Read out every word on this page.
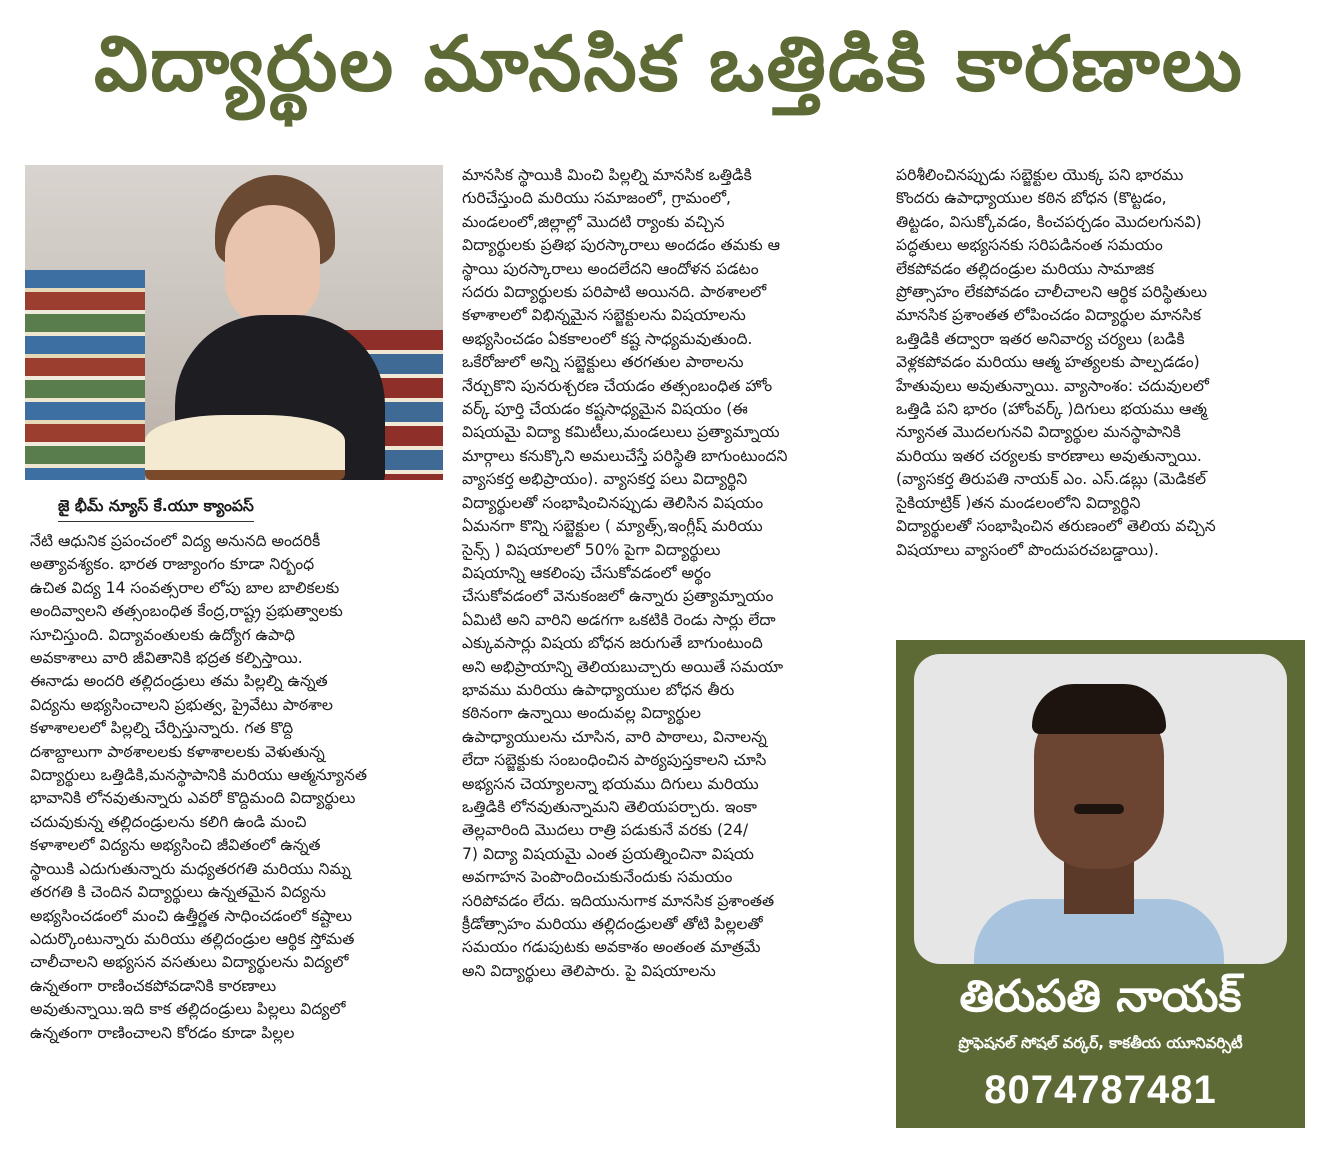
విద్యార్థుల మానసిక ఒత్తిడికి కారణాలు
జై భీమ్ న్యూస్ కే.యూ క్యాంపస్

నేటి ఆధునిక ప్రపంచంలో విద్య అనునది అందరికీ

అత్యావశ్యకం. భారత రాజ్యాంగం కూడా నిర్బంధ

ఉచిత విద్య 14 సంవత్సరాల లోపు బాల బాలికలకు

అందివ్వాలని తత్సంబంధిత కేంద్ర,రాష్ట్ర ప్రభుత్వాలకు

సూచిస్తుంది. విద్యావంతులకు ఉద్యోగ ఉపాధి

అవకాశాలు వారి జీవితానికి భద్రత కల్పిస్తాయి.

ఈనాడు అందరి తల్లిదండ్రులు తమ పిల్లల్ని ఉన్నత

విద్యను అభ్యసించాలని ప్రభుత్వ, ప్రైవేటు పాఠశాల

కళాశాలలలో పిల్లల్ని చేర్పిస్తున్నారు. గత కొద్ది

దశాబ్దాలుగా పాఠశాలలకు కళాశాలలకు వెళుతున్న

విద్యార్థులు ఒత్తిడికి,మనస్థాపానికి మరియు ఆత్మన్యూనత

భావానికి లోనవుతున్నారు ఎవరో కొద్దిమంది విద్యార్థులు

చదువుకున్న తల్లిదండ్రులను కలిగి ఉండి మంచి

కళాశాలలో విద్యను అభ్యసించి జీవితంలో ఉన్నత

స్థాయికి ఎదుగుతున్నారు మధ్యతరగతి మరియు నిమ్న

తరగతి కి చెందిన విద్యార్థులు ఉన్నతమైన విద్యను

అభ్యసించడంలో మంచి ఉత్తీర్ణత సాధించడంలో కష్టాలు

ఎదుర్కొంటున్నారు మరియు తల్లిదండ్రుల ఆర్థిక స్తోమత

చాలీచాలని అభ్యసన వసతులు విద్యార్థులను విద్యలో

ఉన్నతంగా రాణించకపోవడానికి కారణాలు

అవుతున్నాయి.ఇది కాక తల్లిదండ్రులు పిల్లలు విద్యలో

ఉన్నతంగా రాణించాలని కోరడం కూడా పిల్లల

మానసిక స్థాయికి మించి పిల్లల్ని మానసిక ఒత్తిడికి

గురిచేస్తుంది మరియు సమాజంలో, గ్రామంలో,

మండలంలో,జిల్లాల్లో మొదటి ర్యాంకు వచ్చిన

విద్యార్థులకు ప్రతిభ పురస్కారాలు అందడం తమకు ఆ

స్థాయి పురస్కారాలు అందలేదని ఆందోళన పడటం

సదరు విద్యార్థులకు పరిపాటి అయినది. పాఠశాలలో

కళాశాలలో విభిన్నమైన సబ్జెక్టులను విషయాలను

అభ్యసించడం ఏకకాలంలో కష్ట సాధ్యమవుతుంది.

ఒకేరోజులో అన్ని సబ్జెక్టులు తరగతుల పాఠాలను

నేర్చుకొని పునరుశ్చరణ చేయడం తత్సంబంధిత హోం

వర్క్ పూర్తి చేయడం కష్టసాధ్యమైన విషయం (ఈ

విషయమై విద్యా కమిటీలు,మండలులు ప్రత్యామ్నాయ

మార్గాలు కనుక్కొని అమలుచేస్తే పరిస్థితి బాగుంటుందని

వ్యాసకర్త అభిప్రాయం). వ్యాసకర్త పలు విద్యార్థిని

విద్యార్థులతో సంభాషించినప్పుడు తెలిసిన విషయం

ఏమనగా కొన్ని సబ్జెక్టుల ( మ్యాత్స్,ఇంగ్లీష్ మరియు

సైన్స్ ) విషయాలలో 50% పైగా విద్యార్థులు

విషయాన్ని ఆకలింపు చేసుకోవడంలో అర్థం

చేసుకోవడంలో వెనుకంజలో ఉన్నారు ప్రత్యామ్నాయం

ఏమిటి అని వారిని అడగగా ఒకటికి రెండు సార్లు లేదా

ఎక్కువసార్లు విషయ బోధన జరుగుతే బాగుంటుంది

అని అభిప్రాయాన్ని తెలియబుచ్చారు అయితే సమయా

భావము మరియు ఉపాధ్యాయుల బోధన తీరు

కఠినంగా ఉన్నాయి అందువల్ల విద్యార్థుల

ఉపాధ్యాయులను చూసిన, వారి పాఠాలు, వినాలన్న

లేదా సబ్జెక్టుకు సంబంధించిన పాఠ్యపుస్తకాలని చూసి

అభ్యసన చెయ్యాలన్నా భయము దిగులు మరియు

ఒత్తిడికి లోనవుతున్నామని తెలియపర్చారు. ఇంకా

తెల్లవారింది మొదలు రాత్రి పడుకునే వరకు (24/

7) విద్యా విషయమై ఎంత ప్రయత్నించినా విషయ

అవగాహన పెంపొందించుకునేందుకు సమయం

సరిపోవడం లేదు. ఇదియునుగాక మానసిక ప్రశాంతత

క్రీడోత్సాహం మరియు తల్లిదండ్రులతో తోటి పిల్లలతో

సమయం గడుపుటకు అవకాశం అంతంత మాత్రమే

అని విద్యార్థులు తెలిపారు. పై విషయాలను

పరిశీలించినప్పుడు సబ్జెక్టుల యొక్క పని భారము

కొందరు ఉపాధ్యాయుల కఠిన బోధన (కొట్టడం,

తిట్టడం, విసుక్కోవడం, కించపర్చడం మొదలగునవి)

పద్ధతులు అభ్యసనకు సరిపడినంత సమయం

లేకపోవడం తల్లిదండ్రుల మరియు సామాజిక

ప్రోత్సాహం లేకపోవడం చాలీచాలని ఆర్థిక పరిస్థితులు

మానసిక ప్రశాంతత లోపించడం విద్యార్థుల మానసిక

ఒత్తిడికి తద్వారా ఇతర అనివార్య చర్యలు (బడికి

వెళ్లకపోవడం మరియు ఆత్మ హత్యలకు పాల్పడడం)

హేతువులు అవుతున్నాయి. వ్యాసాంశం: చదువులలో

ఒత్తిడి పని భారం (హోంవర్క్ )దిగులు భయము ఆత్మ

న్యూనత మొదలగునవి విద్యార్థుల మనస్థాపానికి

మరియు ఇతర చర్యలకు కారణాలు అవుతున్నాయి.

(వ్యాసకర్త తిరుపతి నాయక్ ఎం. ఎస్.డబ్లు (మెడికల్

సైకియాట్రిక్ )తన మండలంలోని విద్యార్థిని

విద్యార్థులతో సంభాషించిన తరుణంలో తెలియ వచ్చిన

విషయాలు వ్యాసంలో పొందుపరచబడ్డాయి).

తిరుపతి నాయక్
ప్రొఫెషనల్ సోషల్ వర్కర్, కాకతీయ యూనివర్సిటీ
8074787481
